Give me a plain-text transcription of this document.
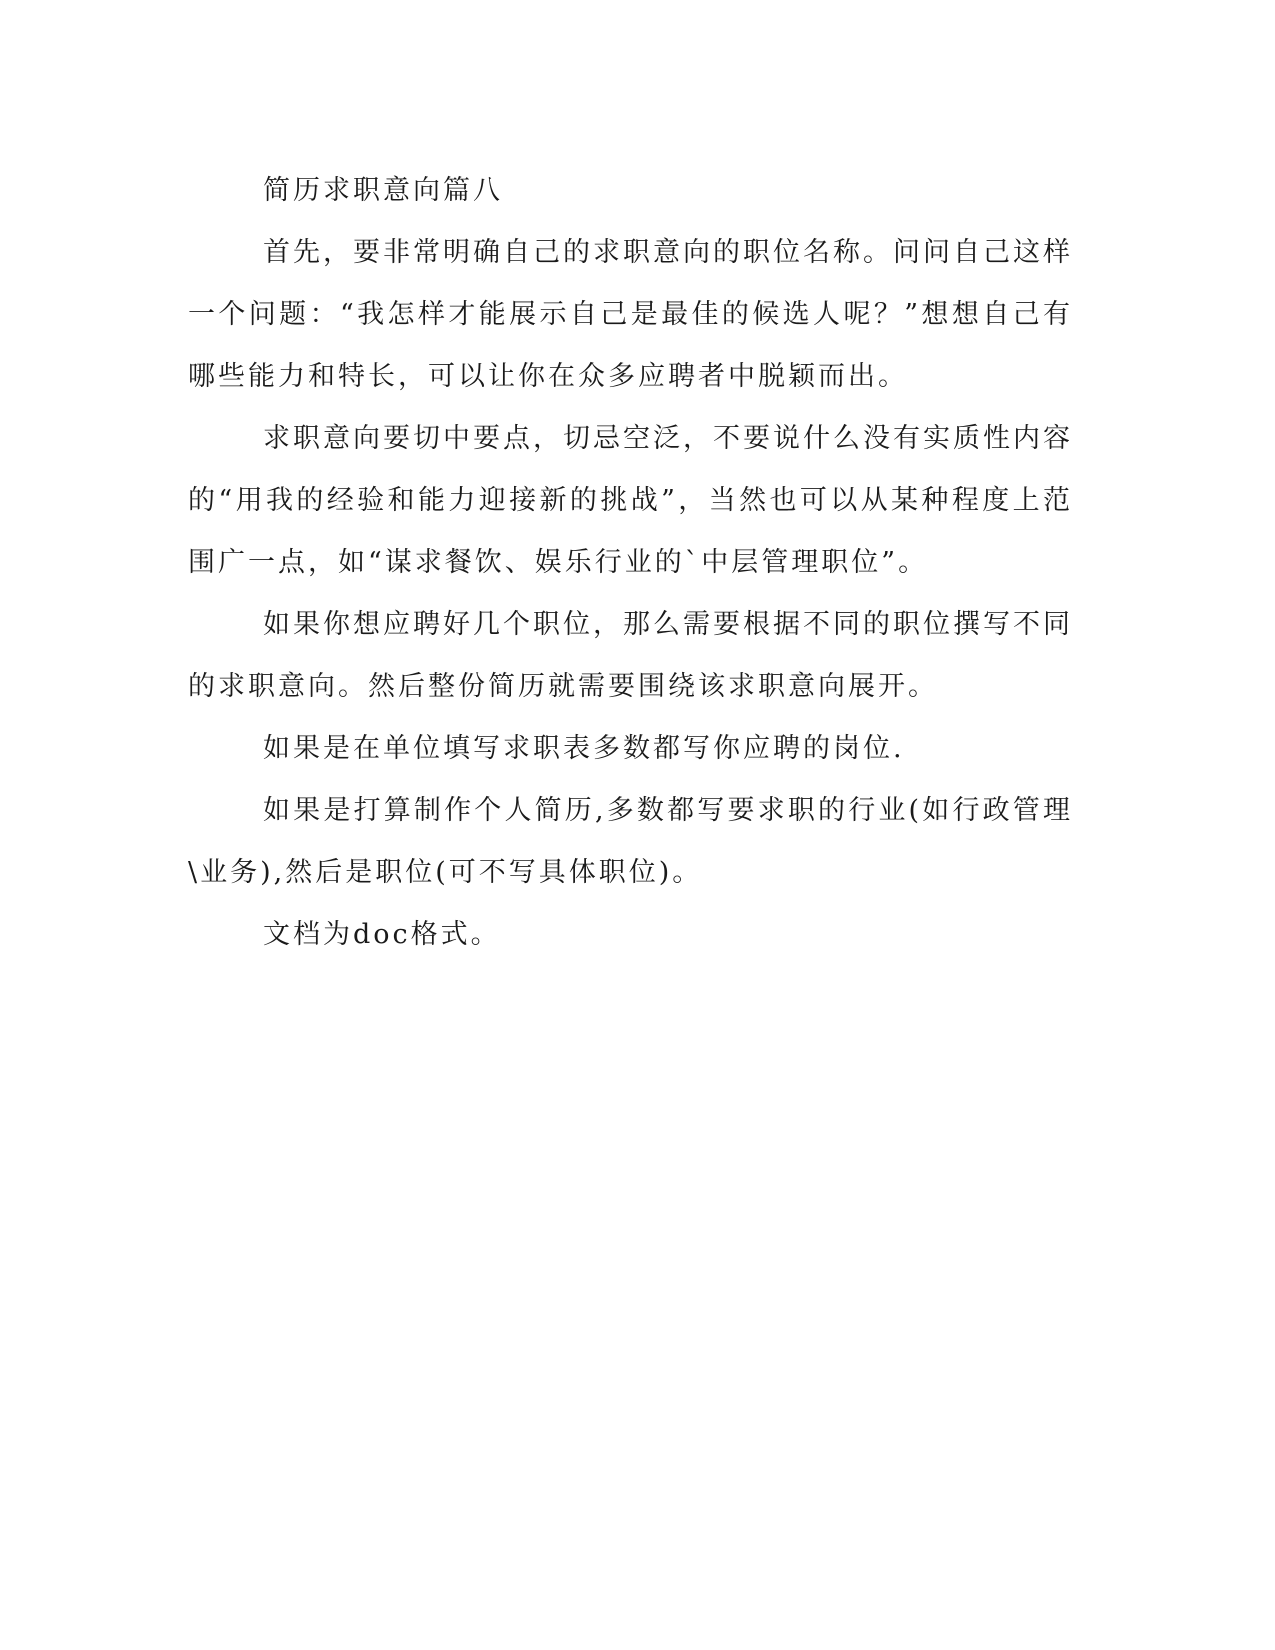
简历求职意向篇八

首先，要非常明确自己的求职意向的职位名称。问问自己这样一个问题：“我怎样才能展示自己是最佳的候选人呢？”想想自己有哪些能力和特长，可以让你在众多应聘者中脱颖而出。

求职意向要切中要点，切忌空泛，不要说什么没有实质性内容的“用我的经验和能力迎接新的挑战”，当然也可以从某种程度上范围广一点，如“谋求餐饮、娱乐行业的`中层管理职位”。

如果你想应聘好几个职位，那么需要根据不同的职位撰写不同的求职意向。然后整份简历就需要围绕该求职意向展开。

如果是在单位填写求职表多数都写你应聘的岗位.

如果是打算制作个人简历,多数都写要求职的行业(如行政管理\业务),然后是职位(可不写具体职位)。

文档为doc格式。
